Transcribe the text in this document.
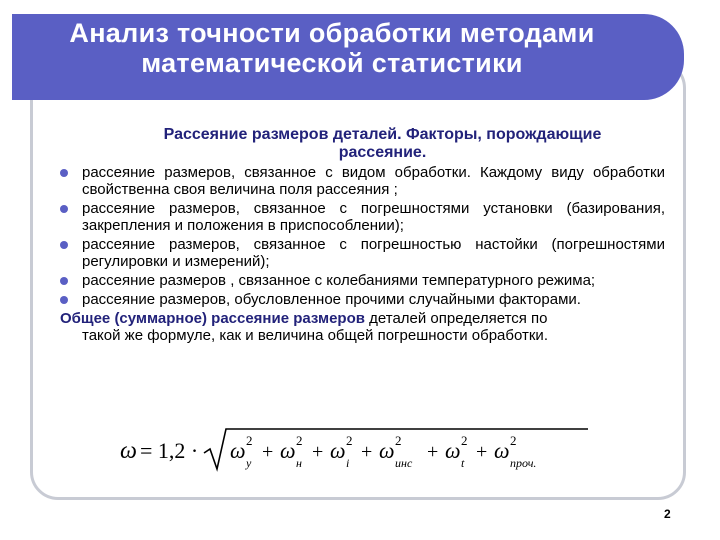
Анализ точности обработки методами
математической статистики
Рассеяние размеров деталей. Факторы, порождающие
рассеяние.
рассеяние размеров, связанное с видом обработки. Каждому виду обработки свойственна своя величина поля рассеяния ;
рассеяние размеров, связанное с погрешностями установки (базирования, закрепления и положения в приспособлении);
рассеяние размеров, связанное с погрешностью настойки (погрешностями регулировки и измерений);
рассеяние размеров , связанное с колебаниями температурного режима;
рассеяние размеров, обусловленное прочими случайными факторами.
Общее (суммарное) рассеяние размеров деталей определяется по
такой же формуле, как и величина общей погрешности обработки.
ω = 1,2 · ω 2
у + ω 2
н + ω 2
i + ω 2
инс + ω 2
t + ω 2
проч.
2
